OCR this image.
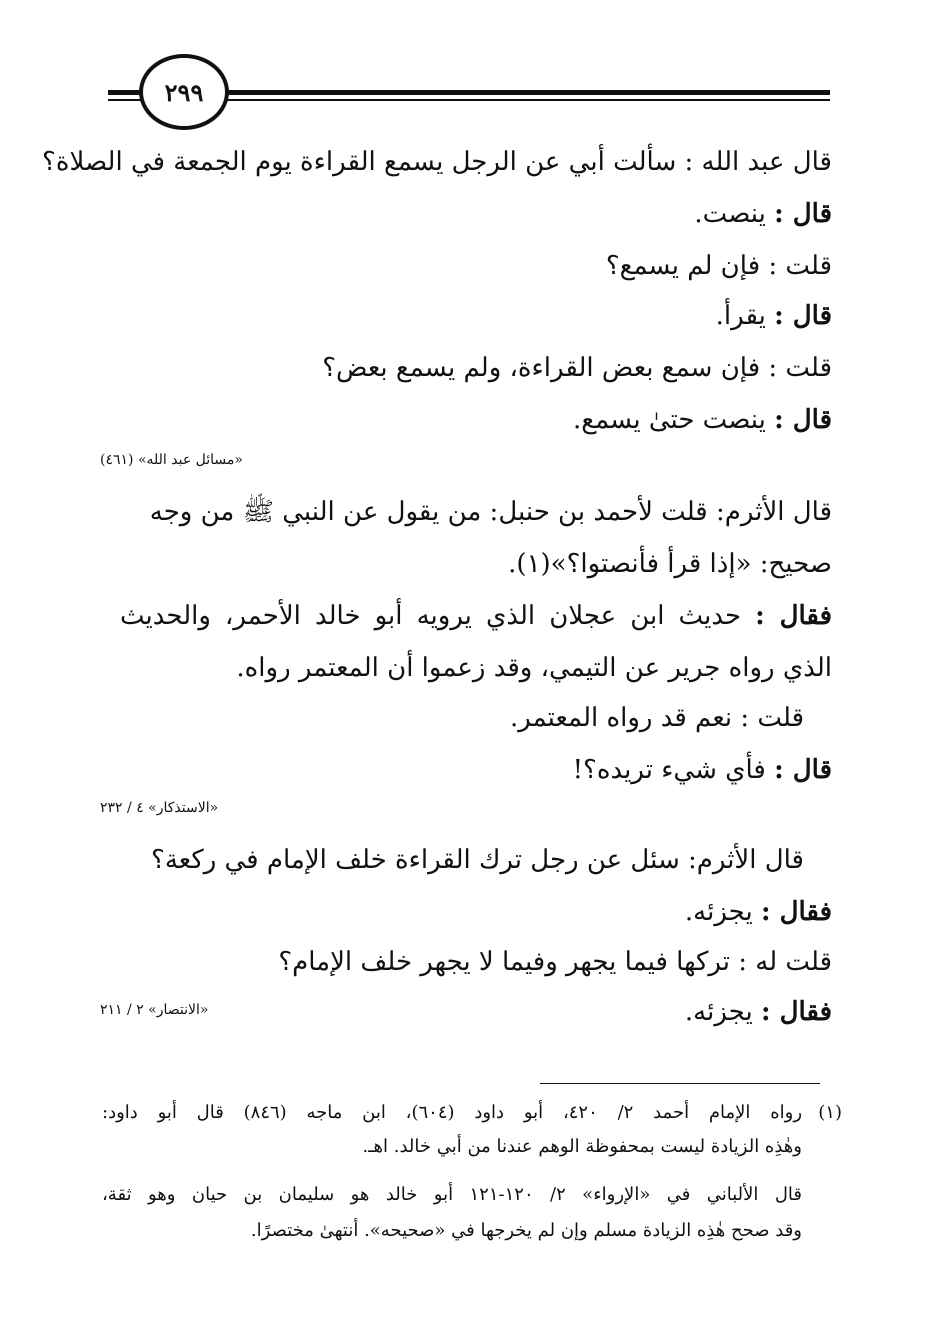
٢٩٩
قال عبد الله : سألت أبي عن الرجل يسمع القراءة يوم الجمعة في الصلاة؟
قال : ينصت.
قلت : فإن لم يسمع؟
قال : يقرأ.
قلت : فإن سمع بعض القراءة، ولم يسمع بعض؟
قال : ينصت حتىٰ يسمع.
«مسائل عبد الله» (٤٦١)
قال الأثرم: قلت لأحمد بن حنبل: من يقول عن النبي ﷺ من وجه
صحيح: «إذا قرأ فأنصتوا؟»(١).
فقال : حديث ابن عجلان الذي يرويه أبو خالد الأحمر، والحديث
الذي رواه جرير عن التيمي، وقد زعموا أن المعتمر رواه.
قلت : نعم قد رواه المعتمر.
قال : فأي شيء تريده؟!
«الاستذكار» ٤ / ٢٣٢
قال الأثرم: سئل عن رجل ترك القراءة خلف الإمام في ركعة؟
فقال : يجزئه.
قلت له : تركها فيما يجهر وفيما لا يجهر خلف الإمام؟
فقال : يجزئه.
«الانتصار» ٢ / ٢١١
(١)
رواه الإمام أحمد ٢/ ٤٢٠، أبو داود (٦٠٤)، ابن ماجه (٨٤٦) قال أبو داود:
وهٰذِه الزيادة ليست بمحفوظة الوهم عندنا من أبي خالد. اهـ.
قال الألباني في «الإرواء» ٢/ ١٢٠-١٢١ أبو خالد هو سليمان بن حيان وهو ثقة،
وقد صحح هٰذِه الزيادة مسلم وإن لم يخرجها في «صحيحه». أنتهىٰ مختصرًا.
